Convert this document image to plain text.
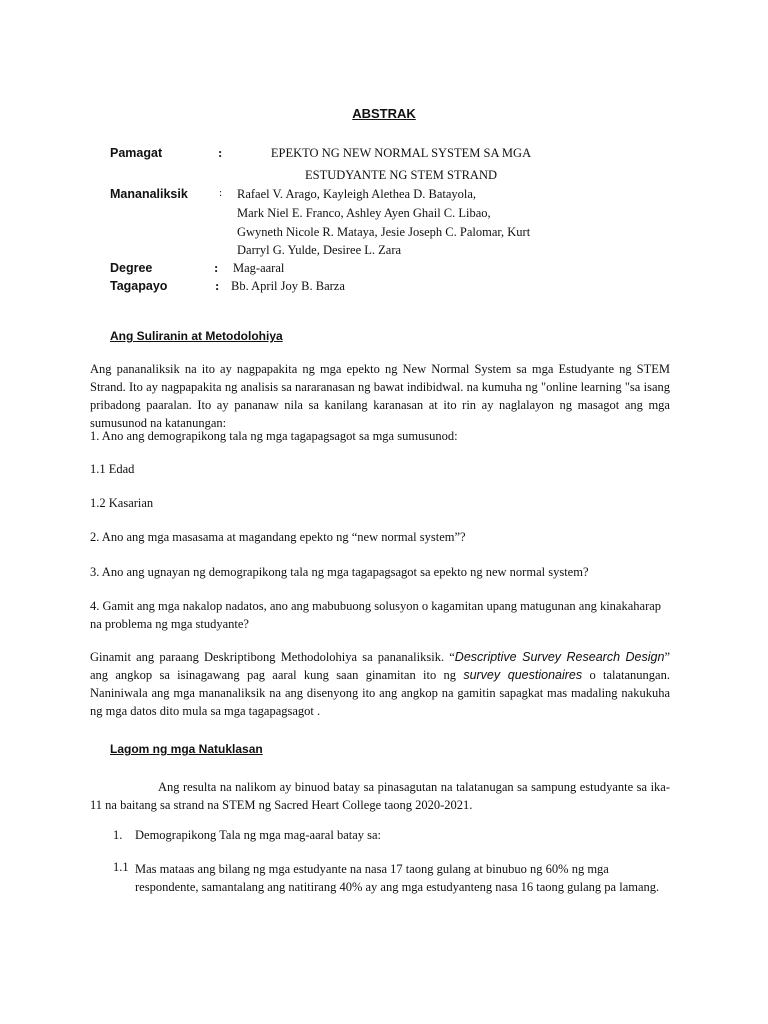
ABSTRAK
Pamagat	:	EPEKTO NG NEW NORMAL SYSTEM SA MGA
ESTUDYANTE NG STEM STRAND
Mananaliksik	: Rafael V. Arago, Kayleigh Alethea D. Batayola,
Mark Niel E. Franco, Ashley Ayen Ghail C. Libao,
Gwyneth Nicole R. Mataya, Jesie Joseph C. Palomar, Kurt
Darryl G. Yulde, Desiree L. Zara
Degree	: Mag-aaral
Tagapayo	: Bb. April Joy B. Barza
Ang Suliranin at Metodolohiya
Ang pananaliksik na ito ay nagpapakita ng mga epekto ng New Normal System sa mga Estudyante ng STEM Strand. Ito ay nagpapakita ng analisis sa nararanasan ng bawat indibidwal. na kumuha ng "online learning "sa isang pribadong paaralan. Ito ay pananaw nila sa kanilang karanasan at ito rin ay naglalayon ng masagot ang mga sumusunod na katanungan:
1. Ano ang demograpikong tala ng mga tagapagsagot sa mga sumusunod:
1.1 Edad
1.2 Kasarian
2. Ano ang mga masasama at magandang epekto ng “new normal system”?
3. Ano ang ugnayan ng demograpikong tala ng mga tagapagsagot sa epekto ng new normal system?
4. Gamit ang mga nakalop nadatos, ano ang mabubuong solusyon o kagamitan upang matugunan ang kinakaharap na problema ng mga studyante?
Ginamit ang paraang Deskriptibong Methodolohiya sa pananaliksik. “Descriptive Survey Research Design” ang angkop sa isinagawang pag aaral kung saan ginamitan ito ng survey questionaires o talatanungan. Naniniwala ang mga mananaliksik na ang disenyong ito ang angkop na gamitin sapagkat mas madaling nakukuha ng mga datos dito mula sa mga tagapagsagot .
Lagom ng mga Natuklasan
Ang resulta na nalikom ay binuod batay sa pinasagutan na talatanugan sa sampung estudyante sa ika- 11 na baitang sa strand na STEM ng Sacred Heart College taong 2020-2021.
1. Demograpikong Tala ng mga mag-aaral batay sa:
1.1 Mas mataas ang bilang ng mga estudyante na nasa 17 taong gulang at binubuo ng 60% ng mga respondente, samantalang ang natitirang 40% ay ang mga estudyanteng nasa 16 taong gulang pa lamang.
